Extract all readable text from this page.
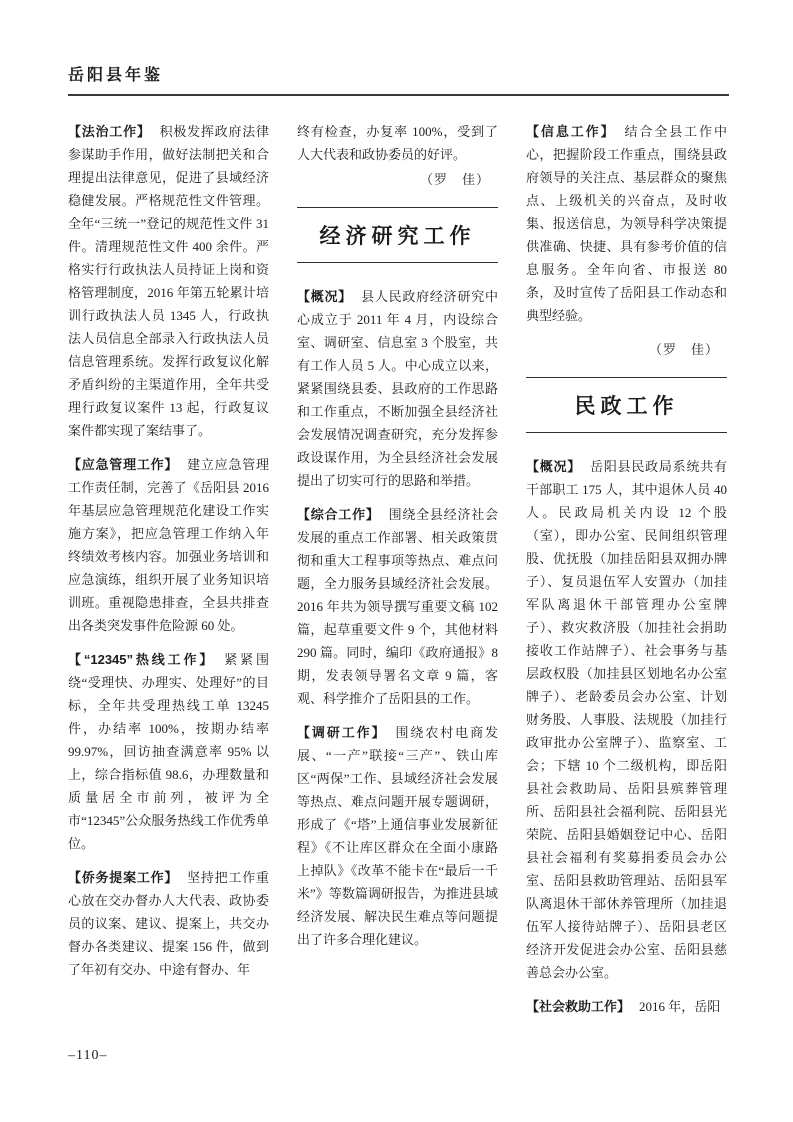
岳阳县年鉴

【法治工作】 积极发挥政府法律参谋助手作用，做好法制把关和合理提出法律意见，促进了县域经济稳健发展。严格规范性文件管理。全年“三统一”登记的规范性文件 31 件。清理规范性文件 400 余件。严格实行行政执法人员持证上岗和资格管理制度，2016 年第五轮累计培训行政执法人员 1345 人，行政执法人员信息全部录入行政执法人员信息管理系统。发挥行政复议化解矛盾纠纷的主渠道作用，全年共受理行政复议案件 13 起，行政复议案件都实现了案结事了。

【应急管理工作】 建立应急管理工作责任制，完善了《岳阳县 2016 年基层应急管理规范化建设工作实施方案》，把应急管理工作纳入年终绩效考核内容。加强业务培训和应急演练，组织开展了业务知识培训班。重视隐患排查，全县共排查出各类突发事件危险源 60 处。

【“12345”热线工作】 紧紧围绕“受理快、办理实、处理好”的目标，全年共受理热线工单 13245 件，办结率 100%，按期办结率 99.97%，回访抽查满意率 95% 以上，综合指标值 98.6，办理数量和质量居全市前列，被评为全市“12345”公众服务热线工作优秀单位。

【侨务提案工作】 坚持把工作重心放在交办督办人大代表、政协委员的议案、建议、提案上，共交办督办各类建议、提案 156 件，做到了年初有交办、中途有督办、年

终有检查，办复率 100%，受到了人大代表和政协委员的好评。

（罗　佳）
经济研究工作

【概况】 县人民政府经济研究中心成立于 2011 年 4 月，内设综合室、调研室、信息室 3 个股室，共有工作人员 5 人。中心成立以来，紧紧围绕县委、县政府的工作思路和工作重点，不断加强全县经济社会发展情况调查研究，充分发挥参政设谋作用，为全县经济社会发展提出了切实可行的思路和举措。

【综合工作】 围绕全县经济社会发展的重点工作部署、相关政策贯彻和重大工程事项等热点、难点问题，全力服务县域经济社会发展。2016 年共为领导撰写重要文稿 102 篇，起草重要文件 9 个，其他材料 290 篇。同时，编印《政府通报》8 期，发表领导署名文章 9 篇，客观、科学推介了岳阳县的工作。

【调研工作】 围绕农村电商发展、“一产”联接“三产”、铁山库区“两保”工作、县域经济社会发展等热点、难点问题开展专题调研，形成了《“塔”上通信事业发展新征程》《不让库区群众在全面小康路上掉队》《改革不能卡在“最后一千米”》等数篇调研报告，为推进县域经济发展、解决民生难点等问题提出了许多合理化建议。

【信息工作】 结合全县工作中心，把握阶段工作重点，围绕县政府领导的关注点、基层群众的聚焦点、上级机关的兴奋点，及时收集、报送信息，为领导科学决策提供准确、快捷、具有参考价值的信息服务。全年向省、市报送 80 条，及时宣传了岳阳县工作动态和典型经验。

（罗　佳）
民政工作

【概况】 岳阳县民政局系统共有干部职工 175 人，其中退休人员 40 人。民政局机关内设 12 个股（室），即办公室、民间组织管理股、优抚股（加挂岳阳县双拥办牌子）、复员退伍军人安置办（加挂军队离退休干部管理办公室牌子）、救灾救济股（加挂社会捐助接收工作站牌子）、社会事务与基层政权股（加挂县区划地名办公室牌子）、老龄委员会办公室、计划财务股、人事股、法规股（加挂行政审批办公室牌子）、监察室、工会；下辖 10 个二级机构，即岳阳县社会救助局、岳阳县殡葬管理所、岳阳县社会福利院、岳阳县光荣院、岳阳县婚姻登记中心、岳阳县社会福利有奖募捐委员会办公室、岳阳县救助管理站、岳阳县军队离退休干部休养管理所（加挂退伍军人接待站牌子）、岳阳县老区经济开发促进会办公室、岳阳县慈善总会办公室。

【社会救助工作】 2016 年，岳阳

–110–
